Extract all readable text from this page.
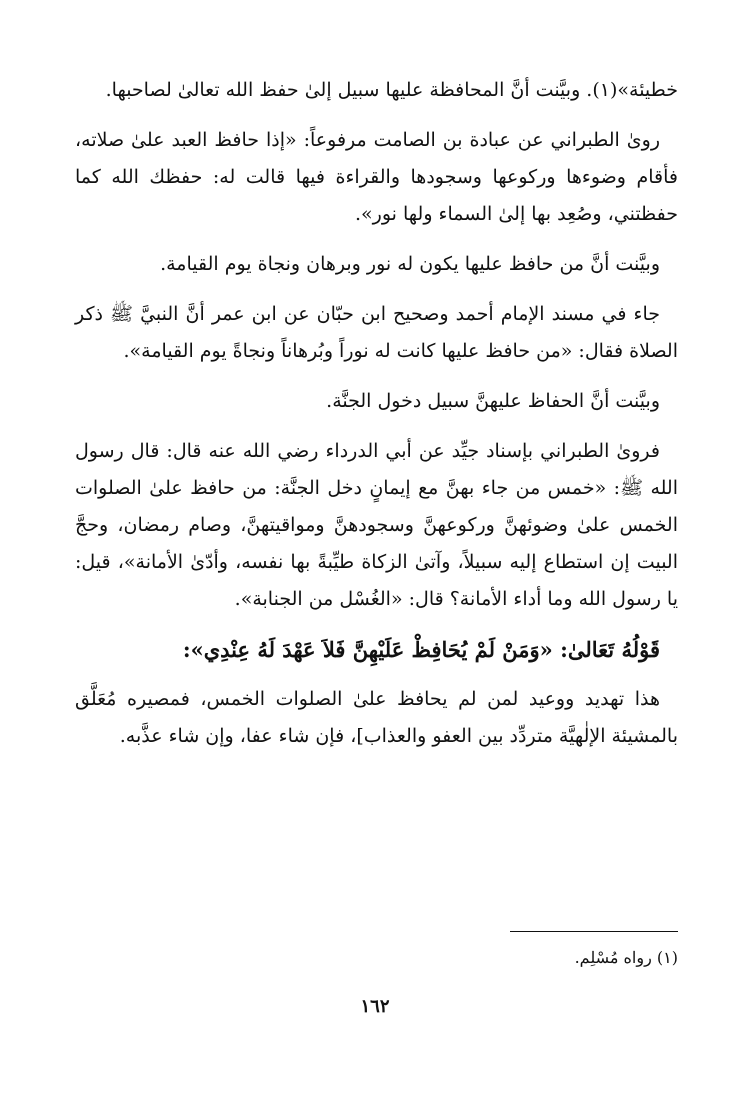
خطيئة»(١). وبيَّنت أنَّ المحافظة عليها سبيل إلىٰ حفظ الله تعالىٰ لصاحبها.

رویٰ الطبراني عن عبادة بن الصامت مرفوعاً: «إذا حافظ العبد علىٰ صلاته، فأقام وضوءها وركوعها وسجودها والقراءة فيها قالت له: حفظك الله كما حفظتني، وصُعِد بها إلىٰ السماء ولها نور».

وبيَّنت أنَّ من حافظ عليها يكون له نور وبرهان ونجاة يوم القيامة.

جاء في مسند الإمام أحمد وصحيح ابن حبّان عن ابن عمر أنَّ النبيَّ ﷺ ذكر الصلاة فقال: «من حافظ عليها كانت له نوراً وبُرهاناً ونجاةً يوم القيامة».

وبيَّنت أنَّ الحفاظ عليهنَّ سبيل دخول الجنَّة.

فرویٰ الطبراني بإسناد جيِّد عن أبي الدرداء رضي الله عنه قال: قال رسول الله ﷺ: «خمس من جاء بهنَّ مع إيمانٍ دخل الجنَّة: من حافظ علىٰ الصلوات الخمس علىٰ وضوئهنَّ وركوعهنَّ وسجودهنَّ ومواقيتهنَّ، وصام رمضان، وحجَّ البيت إن استطاع إليه سبيلاً، وآتىٰ الزكاة طيِّبةً بها نفسه، وأدّىٰ الأمانة»، قيل: يا رسول الله وما أداء الأمانة؟ قال: «الغُسْل من الجنابة».

قَوْلُهُ تَعَالىٰ: «وَمَنْ لَمْ يُحَافِظْ عَلَيْهِنَّ فَلاَ عَهْدَ لَهُ عِنْدِي»:

هذا تهديد ووعيد لمن لم يحافظ علىٰ الصلوات الخمس، فمصيره مُعَلَّق بالمشيئة الإلٰهيَّة متردِّد بين العفو والعذاب]، فإن شاء عفا، وإن شاء عذَّبه.

(١) رواه مُسْلِم.
١٦٢
